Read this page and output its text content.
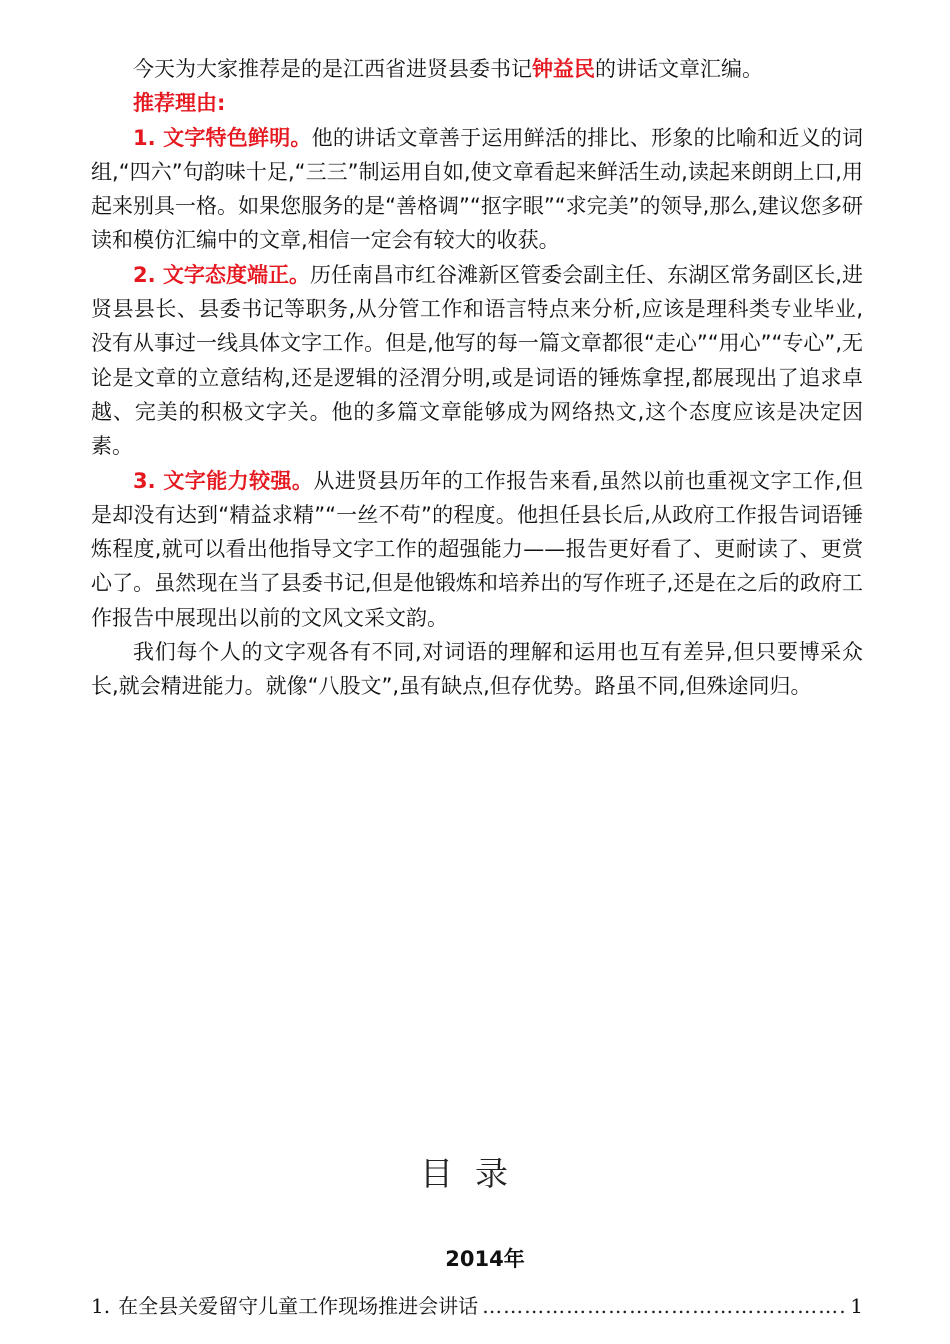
今天为大家推荐是的是江西省进贤县委书记钟益民的讲话文章汇编。

推荐理由:

1. 文字特色鲜明。他的讲话文章善于运用鲜活的排比、形象的比喻和近义的词组,“四六”句韵味十足,“三三”制运用自如,使文章看起来鲜活生动,读起来朗朗上口,用起来别具一格。如果您服务的是“善格调”“抠字眼”“求完美”的领导,那么,建议您多研读和模仿汇编中的文章,相信一定会有较大的收获。

2. 文字态度端正。历任南昌市红谷滩新区管委会副主任、东湖区常务副区长,进贤县县长、县委书记等职务,从分管工作和语言特点来分析,应该是理科类专业毕业,没有从事过一线具体文字工作。但是,他写的每一篇文章都很“走心”“用心”“专心”,无论是文章的立意结构,还是逻辑的泾渭分明,或是词语的锤炼拿捏,都展现出了追求卓越、完美的积极文字关。他的多篇文章能够成为网络热文,这个态度应该是决定因素。

3. 文字能力较强。从进贤县历年的工作报告来看,虽然以前也重视文字工作,但是却没有达到“精益求精”“一丝不苟”的程度。他担任县长后,从政府工作报告词语锤炼程度,就可以看出他指导文字工作的超强能力——报告更好看了、更耐读了、更赏心了。虽然现在当了县委书记,但是他锻炼和培养出的写作班子,还是在之后的政府工作报告中展现出以前的文风文采文韵。

我们每个人的文字观各有不同,对词语的理解和运用也互有差异,但只要博采众长,就会精进能力。就像“八股文”,虽有缺点,但存优势。路虽不同,但殊途同归。

目录
2014年
1. 在全县关爱留守儿童工作现场推进会讲话
………………………………………………………………………………………………	1
